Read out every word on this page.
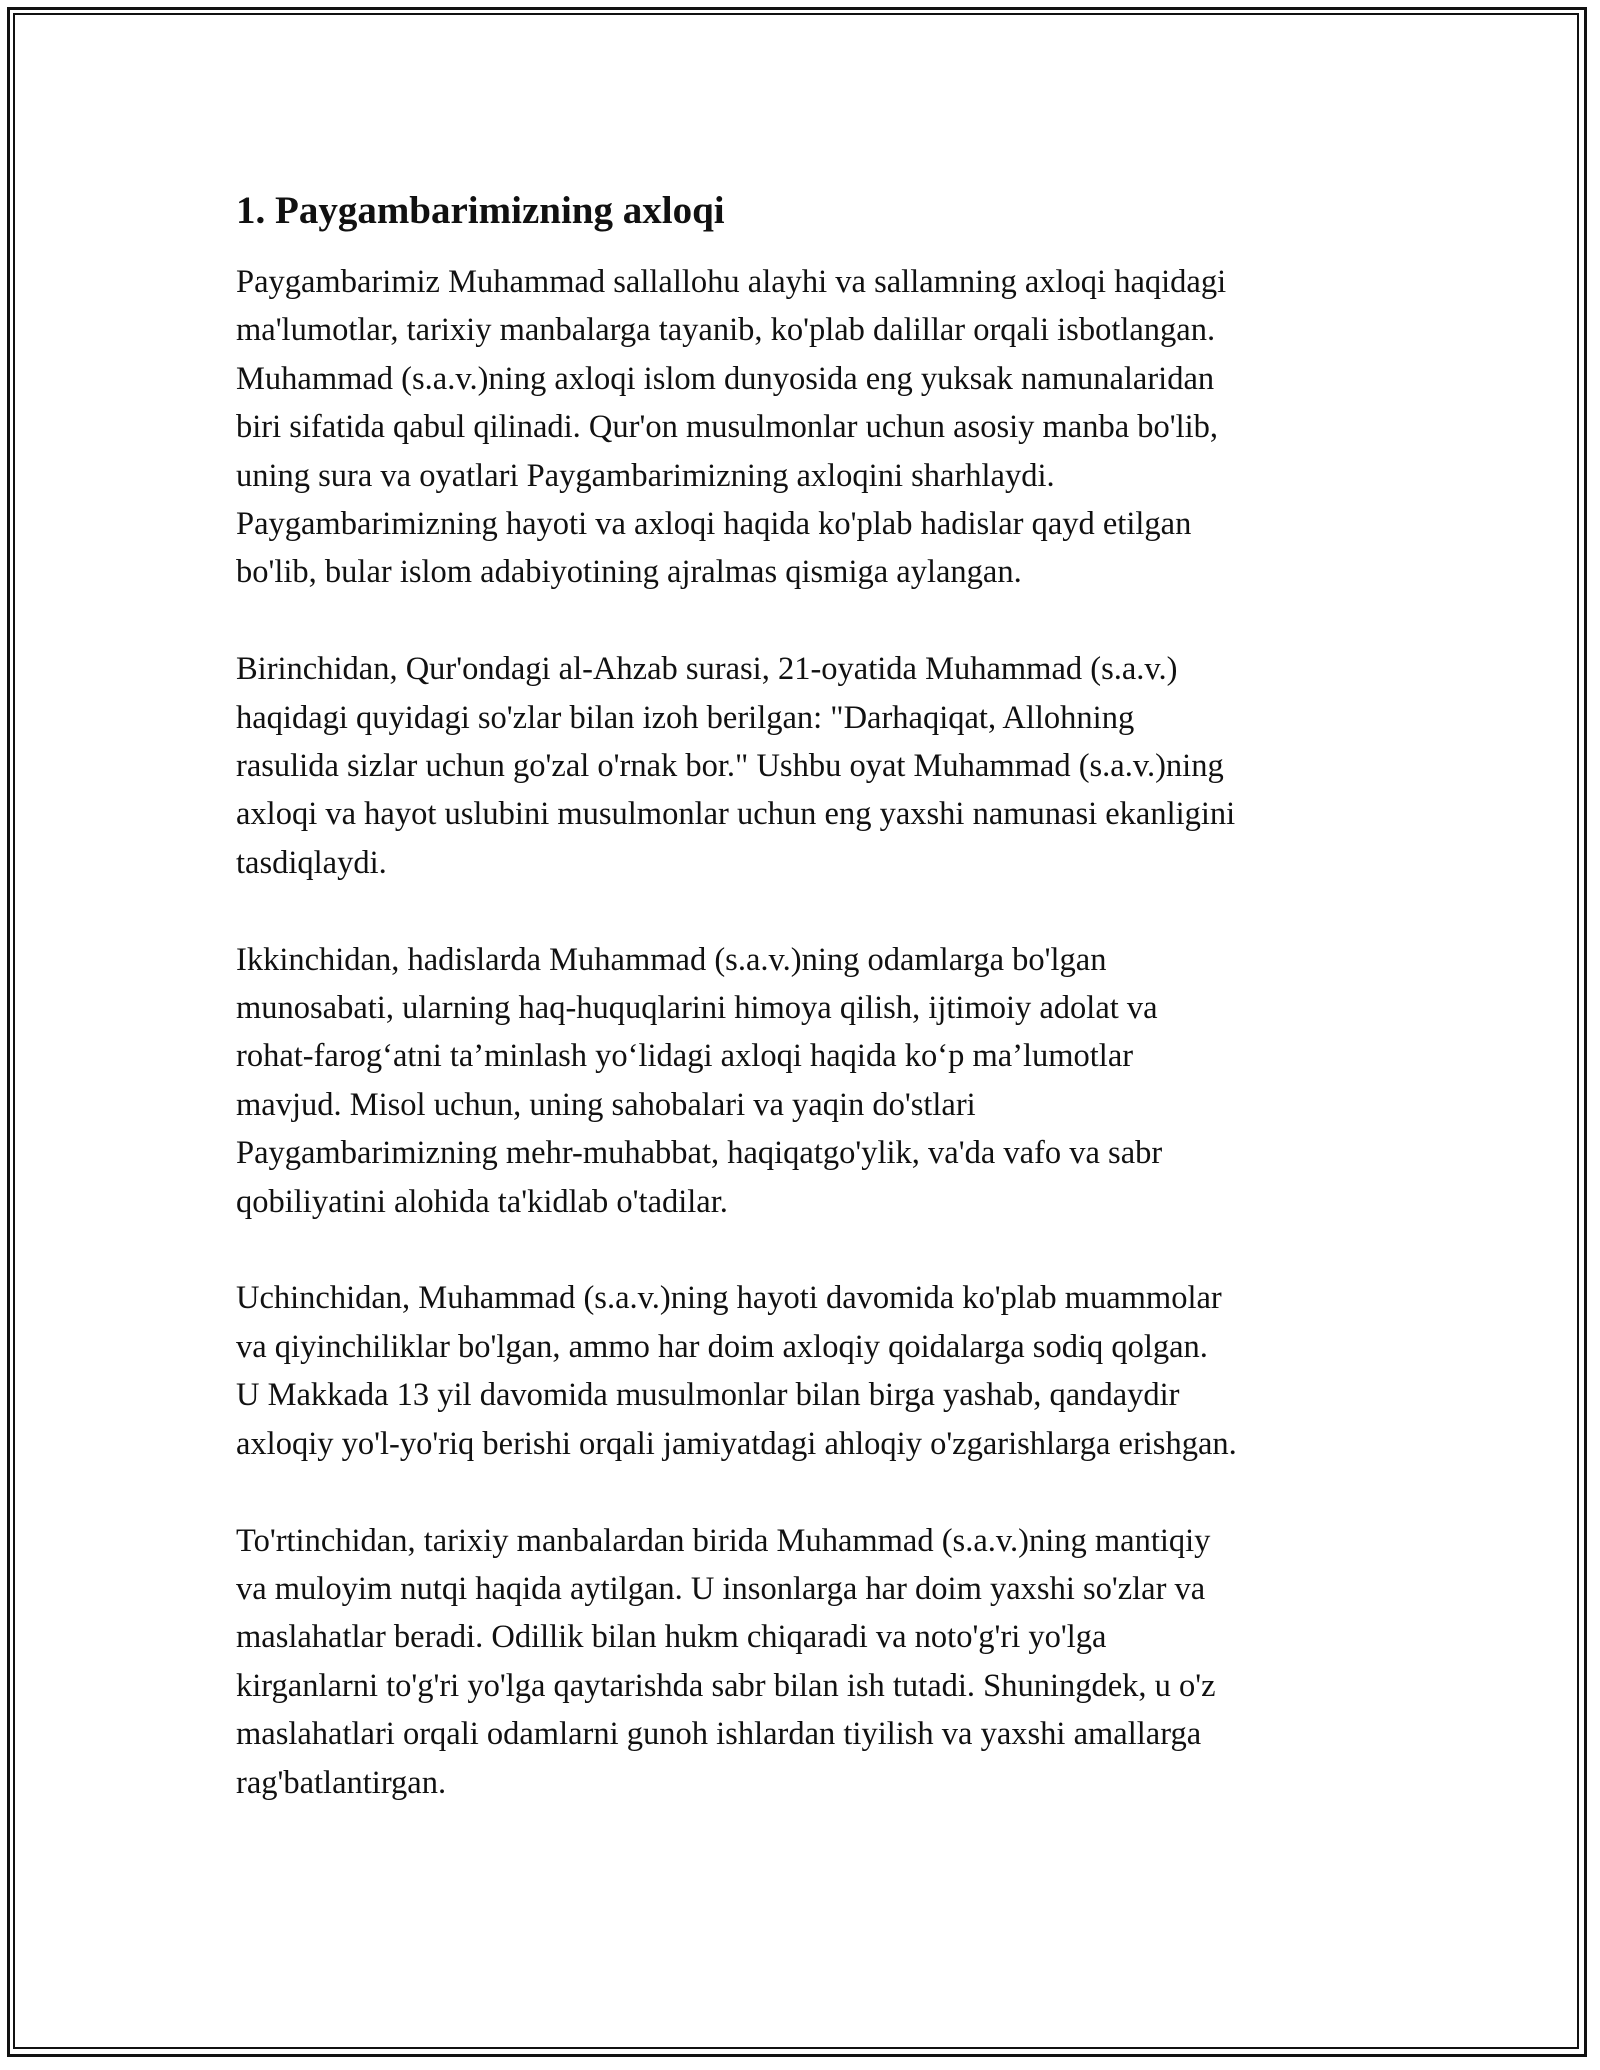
1. Paygambarimizning axloqi

Paygambarimiz Muhammad sallallohu alayhi va sallamning axloqi haqidagi
ma'lumotlar, tarixiy manbalarga tayanib, ko'plab dalillar orqali isbotlangan.
Muhammad (s.a.v.)ning axloqi islom dunyosida eng yuksak namunalaridan
biri sifatida qabul qilinadi. Qur'on musulmonlar uchun asosiy manba bo'lib,
uning sura va oyatlari Paygambarimizning axloqini sharhlaydi.
Paygambarimizning hayoti va axloqi haqida ko'plab hadislar qayd etilgan
bo'lib, bular islom adabiyotining ajralmas qismiga aylangan.

Birinchidan, Qur'ondagi al-Ahzab surasi, 21-oyatida Muhammad (s.a.v.)
haqidagi quyidagi so'zlar bilan izoh berilgan: "Darhaqiqat, Allohning
rasulida sizlar uchun go'zal o'rnak bor." Ushbu oyat Muhammad (s.a.v.)ning
axloqi va hayot uslubini musulmonlar uchun eng yaxshi namunasi ekanligini
tasdiqlaydi.

Ikkinchidan, hadislarda Muhammad (s.a.v.)ning odamlarga bo'lgan
munosabati, ularning haq-huquqlarini himoya qilish, ijtimoiy adolat va
rohat-farog‘atni ta’minlash yo‘lidagi axloqi haqida ko‘p ma’lumotlar
mavjud. Misol uchun, uning sahobalari va yaqin do'stlari
Paygambarimizning mehr-muhabbat, haqiqatgo'ylik, va'da vafo va sabr
qobiliyatini alohida ta'kidlab o'tadilar.

Uchinchidan, Muhammad (s.a.v.)ning hayoti davomida ko'plab muammolar
va qiyinchiliklar bo'lgan, ammo har doim axloqiy qoidalarga sodiq qolgan.
U Makkada 13 yil davomida musulmonlar bilan birga yashab, qandaydir
axloqiy yo'l-yo'riq berishi orqali jamiyatdagi ahloqiy o'zgarishlarga erishgan.

To'rtinchidan, tarixiy manbalardan birida Muhammad (s.a.v.)ning mantiqiy
va muloyim nutqi haqida aytilgan. U insonlarga har doim yaxshi so'zlar va
maslahatlar beradi. Odillik bilan hukm chiqaradi va noto'g'ri yo'lga
kirganlarni to'g'ri yo'lga qaytarishda sabr bilan ish tutadi. Shuningdek, u o'z
maslahatlari orqali odamlarni gunoh ishlardan tiyilish va yaxshi amallarga
rag'batlantirgan.
